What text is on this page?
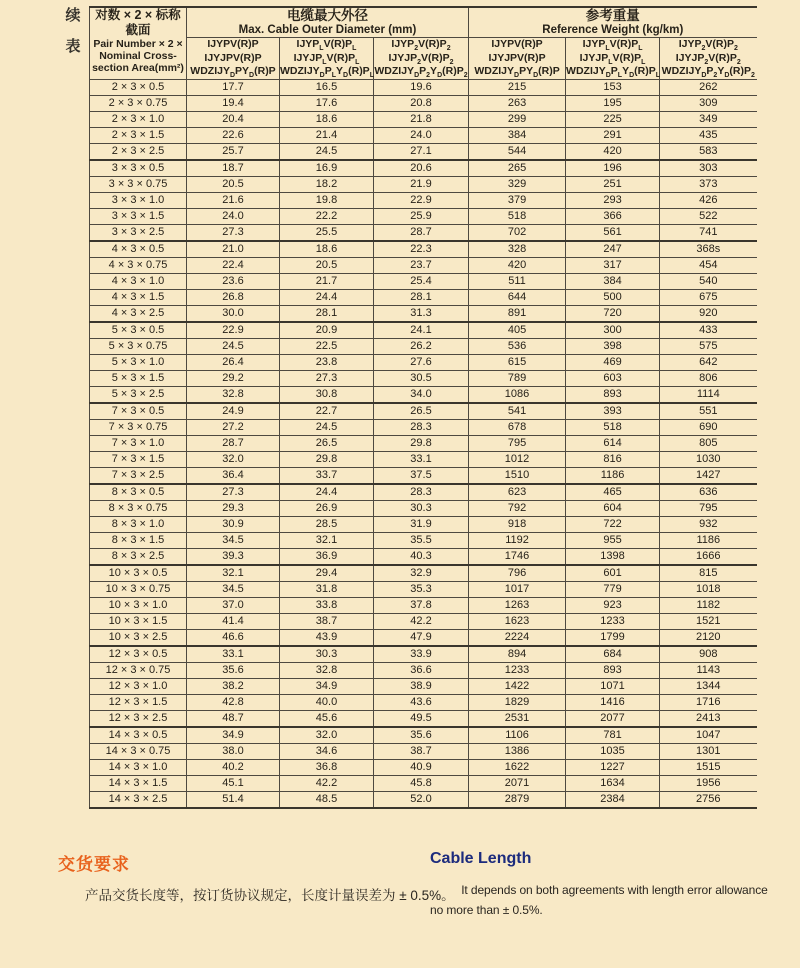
续
表
对数 × 2 × 标称
截面
Pair Number × 2 ×
Nominal Cross-
section Area(mm²)

电缆最大外径
Max. Cable Outer Diameter (mm)

参考重量
Reference Weight (kg/km)

IJYPV(R)P
IJYJPV(R)P
$WDZIJY_DPY_D(R)P$

$IJYP_LV(R)P_L$
$IJYJP_LV(R)P_L$
$WDZIJY_DP_LY_D(R)P_L$

$IJYP_2V(R)P_2$
$IJYJP_2V(R)P_2$
$WDZIJY_DP_2Y_D(R)P_2$

IJYPV(R)P
IJYJPV(R)P
$WDZIJY_DPY_D(R)P$

$IJYP_LV(R)P_L$
$IJYJP_LV(R)P_L$
$WDZIJY_DP_LY_D(R)P_L$

$IJYP_2V(R)P_2$
$IJYJP_2V(R)P_2$
$WDZIJY_DP_2Y_D(R)P_2$

2 × 3 × 0.5	17.7	16.5	19.6	215	153	262
2 × 3 × 0.75	19.4	17.6	20.8	263	195	309
2 × 3 × 1.0	20.4	18.6	21.8	299	225	349
2 × 3 × 1.5	22.6	21.4	24.0	384	291	435
2 × 3 × 2.5	25.7	24.5	27.1	544	420	583
3 × 3 × 0.5	18.7	16.9	20.6	265	196	303
3 × 3 × 0.75	20.5	18.2	21.9	329	251	373
3 × 3 × 1.0	21.6	19.8	22.9	379	293	426
3 × 3 × 1.5	24.0	22.2	25.9	518	366	522
3 × 3 × 2.5	27.3	25.5	28.7	702	561	741
4 × 3 × 0.5	21.0	18.6	22.3	328	247	368s
4 × 3 × 0.75	22.4	20.5	23.7	420	317	454
4 × 3 × 1.0	23.6	21.7	25.4	511	384	540
4 × 3 × 1.5	26.8	24.4	28.1	644	500	675
4 × 3 × 2.5	30.0	28.1	31.3	891	720	920
5 × 3 × 0.5	22.9	20.9	24.1	405	300	433
5 × 3 × 0.75	24.5	22.5	26.2	536	398	575
5 × 3 × 1.0	26.4	23.8	27.6	615	469	642
5 × 3 × 1.5	29.2	27.3	30.5	789	603	806
5 × 3 × 2.5	32.8	30.8	34.0	1086	893	1114
7 × 3 × 0.5	24.9	22.7	26.5	541	393	551
7 × 3 × 0.75	27.2	24.5	28.3	678	518	690
7 × 3 × 1.0	28.7	26.5	29.8	795	614	805
7 × 3 × 1.5	32.0	29.8	33.1	1012	816	1030
7 × 3 × 2.5	36.4	33.7	37.5	1510	1186	1427
8 × 3 × 0.5	27.3	24.4	28.3	623	465	636
8 × 3 × 0.75	29.3	26.9	30.3	792	604	795
8 × 3 × 1.0	30.9	28.5	31.9	918	722	932
8 × 3 × 1.5	34.5	32.1	35.5	1192	955	1186
8 × 3 × 2.5	39.3	36.9	40.3	1746	1398	1666
10 × 3 × 0.5	32.1	29.4	32.9	796	601	815
10 × 3 × 0.75	34.5	31.8	35.3	1017	779	1018
10 × 3 × 1.0	37.0	33.8	37.8	1263	923	1182
10 × 3 × 1.5	41.4	38.7	42.2	1623	1233	1521
10 × 3 × 2.5	46.6	43.9	47.9	2224	1799	2120
12 × 3 × 0.5	33.1	30.3	33.9	894	684	908
12 × 3 × 0.75	35.6	32.8	36.6	1233	893	1143
12 × 3 × 1.0	38.2	34.9	38.9	1422	1071	1344
12 × 3 × 1.5	42.8	40.0	43.6	1829	1416	1716
12 × 3 × 2.5	48.7	45.6	49.5	2531	2077	2413
14 × 3 × 0.5	34.9	32.0	35.6	1106	781	1047
14 × 3 × 0.75	38.0	34.6	38.7	1386	1035	1301
14 × 3 × 1.0	40.2	36.8	40.9	1622	1227	1515
14 × 3 × 1.5	45.1	42.2	45.8	2071	1634	1956
14 × 3 × 2.5	51.4	48.5	52.0	2879	2384	2756
交货要求

产品交货长度等，按订货协议规定，长度计量误差为 ± 0.5%。

Cable Length

It depends on both agreements with length error allowance no more than ± 0.5%.
